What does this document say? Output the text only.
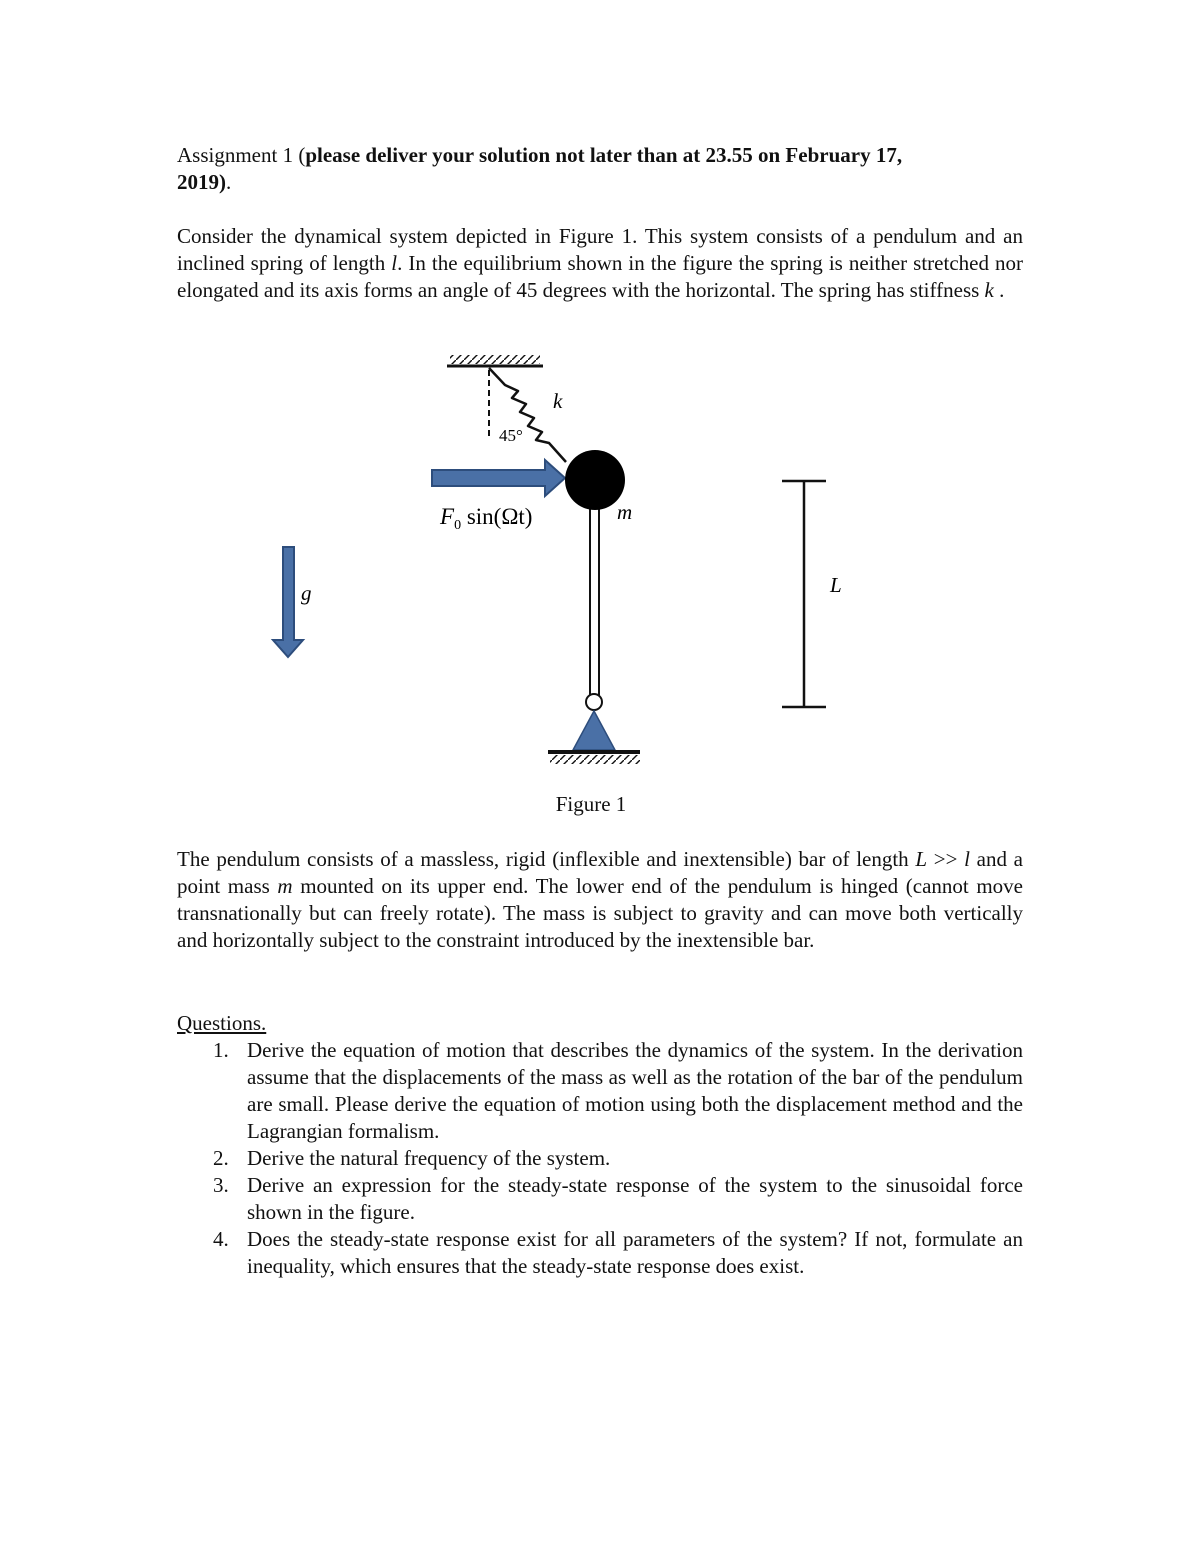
Assignment 1 (please deliver your solution not later than at 23.55 on February 17,
2019).

Consider the dynamical system depicted in Figure 1. This system consists of a pendulum and an inclined spring of length l. In the equilibrium shown in the figure the spring is neither stretched nor elongated and its axis forms an angle of 45 degrees with the horizontal. The spring has stiffness k .

k
45°
$F_0$ sin(Ωt)	m
g	L
Figure 1

The pendulum consists of a massless, rigid (inflexible and inextensible) bar of length L >> l and a point mass m mounted on its upper end. The lower end of the pendulum is hinged (cannot move transnationally but can freely rotate). The mass is subject to gravity and can move both vertically and horizontally subject to the constraint introduced by the inextensible bar.

Questions.

1. Derive the equation of motion that describes the dynamics of the system. In the derivation assume that the displacements of the mass as well as the rotation of the bar of the pendulum are small. Please derive the equation of motion using both the displacement method and the Lagrangian formalism.
2. Derive the natural frequency of the system.
3. Derive an expression for the steady-state response of the system to the sinusoidal force shown in the figure.
4. Does the steady-state response exist for all parameters of the system? If not, formulate an inequality, which ensures that the steady-state response does exist.
